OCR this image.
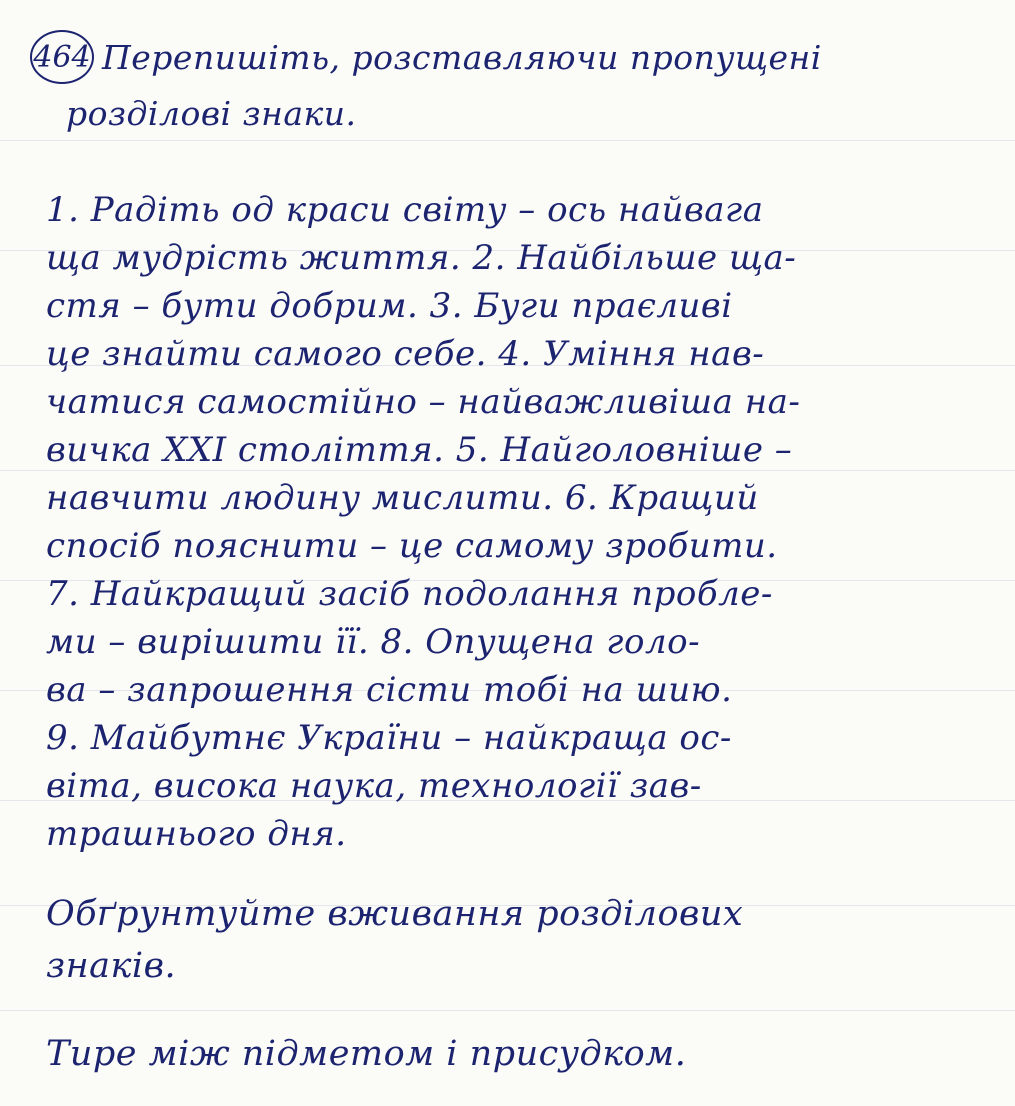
464 Перепишіть, розставляючи пропущені
розділові знаки.
1. Радіть од краси світу – ось найвага
ща мудрість життя. 2. Найбільше ща-
стя – бути добрим. 3. Буги праєливі
це знайти самого себе. 4. Уміння нав-
чатися самостійно – найважливіша на-
вичка XXI століття. 5. Найголовніше –
навчити людину мислити. 6. Кращий
спосіб пояснити – це самому зробити.
7. Найкращий засіб подолання пробле-
ми – вирішити її. 8. Опущена голо-
ва – запрошення сісти тобі на шию.
9. Майбутнє України – найкраща ос-
віта, висока наука, технології зав-
трашнього дня.
Обґрунтуйте вживання розділових
знаків.
Тире між підметом і присудком.
